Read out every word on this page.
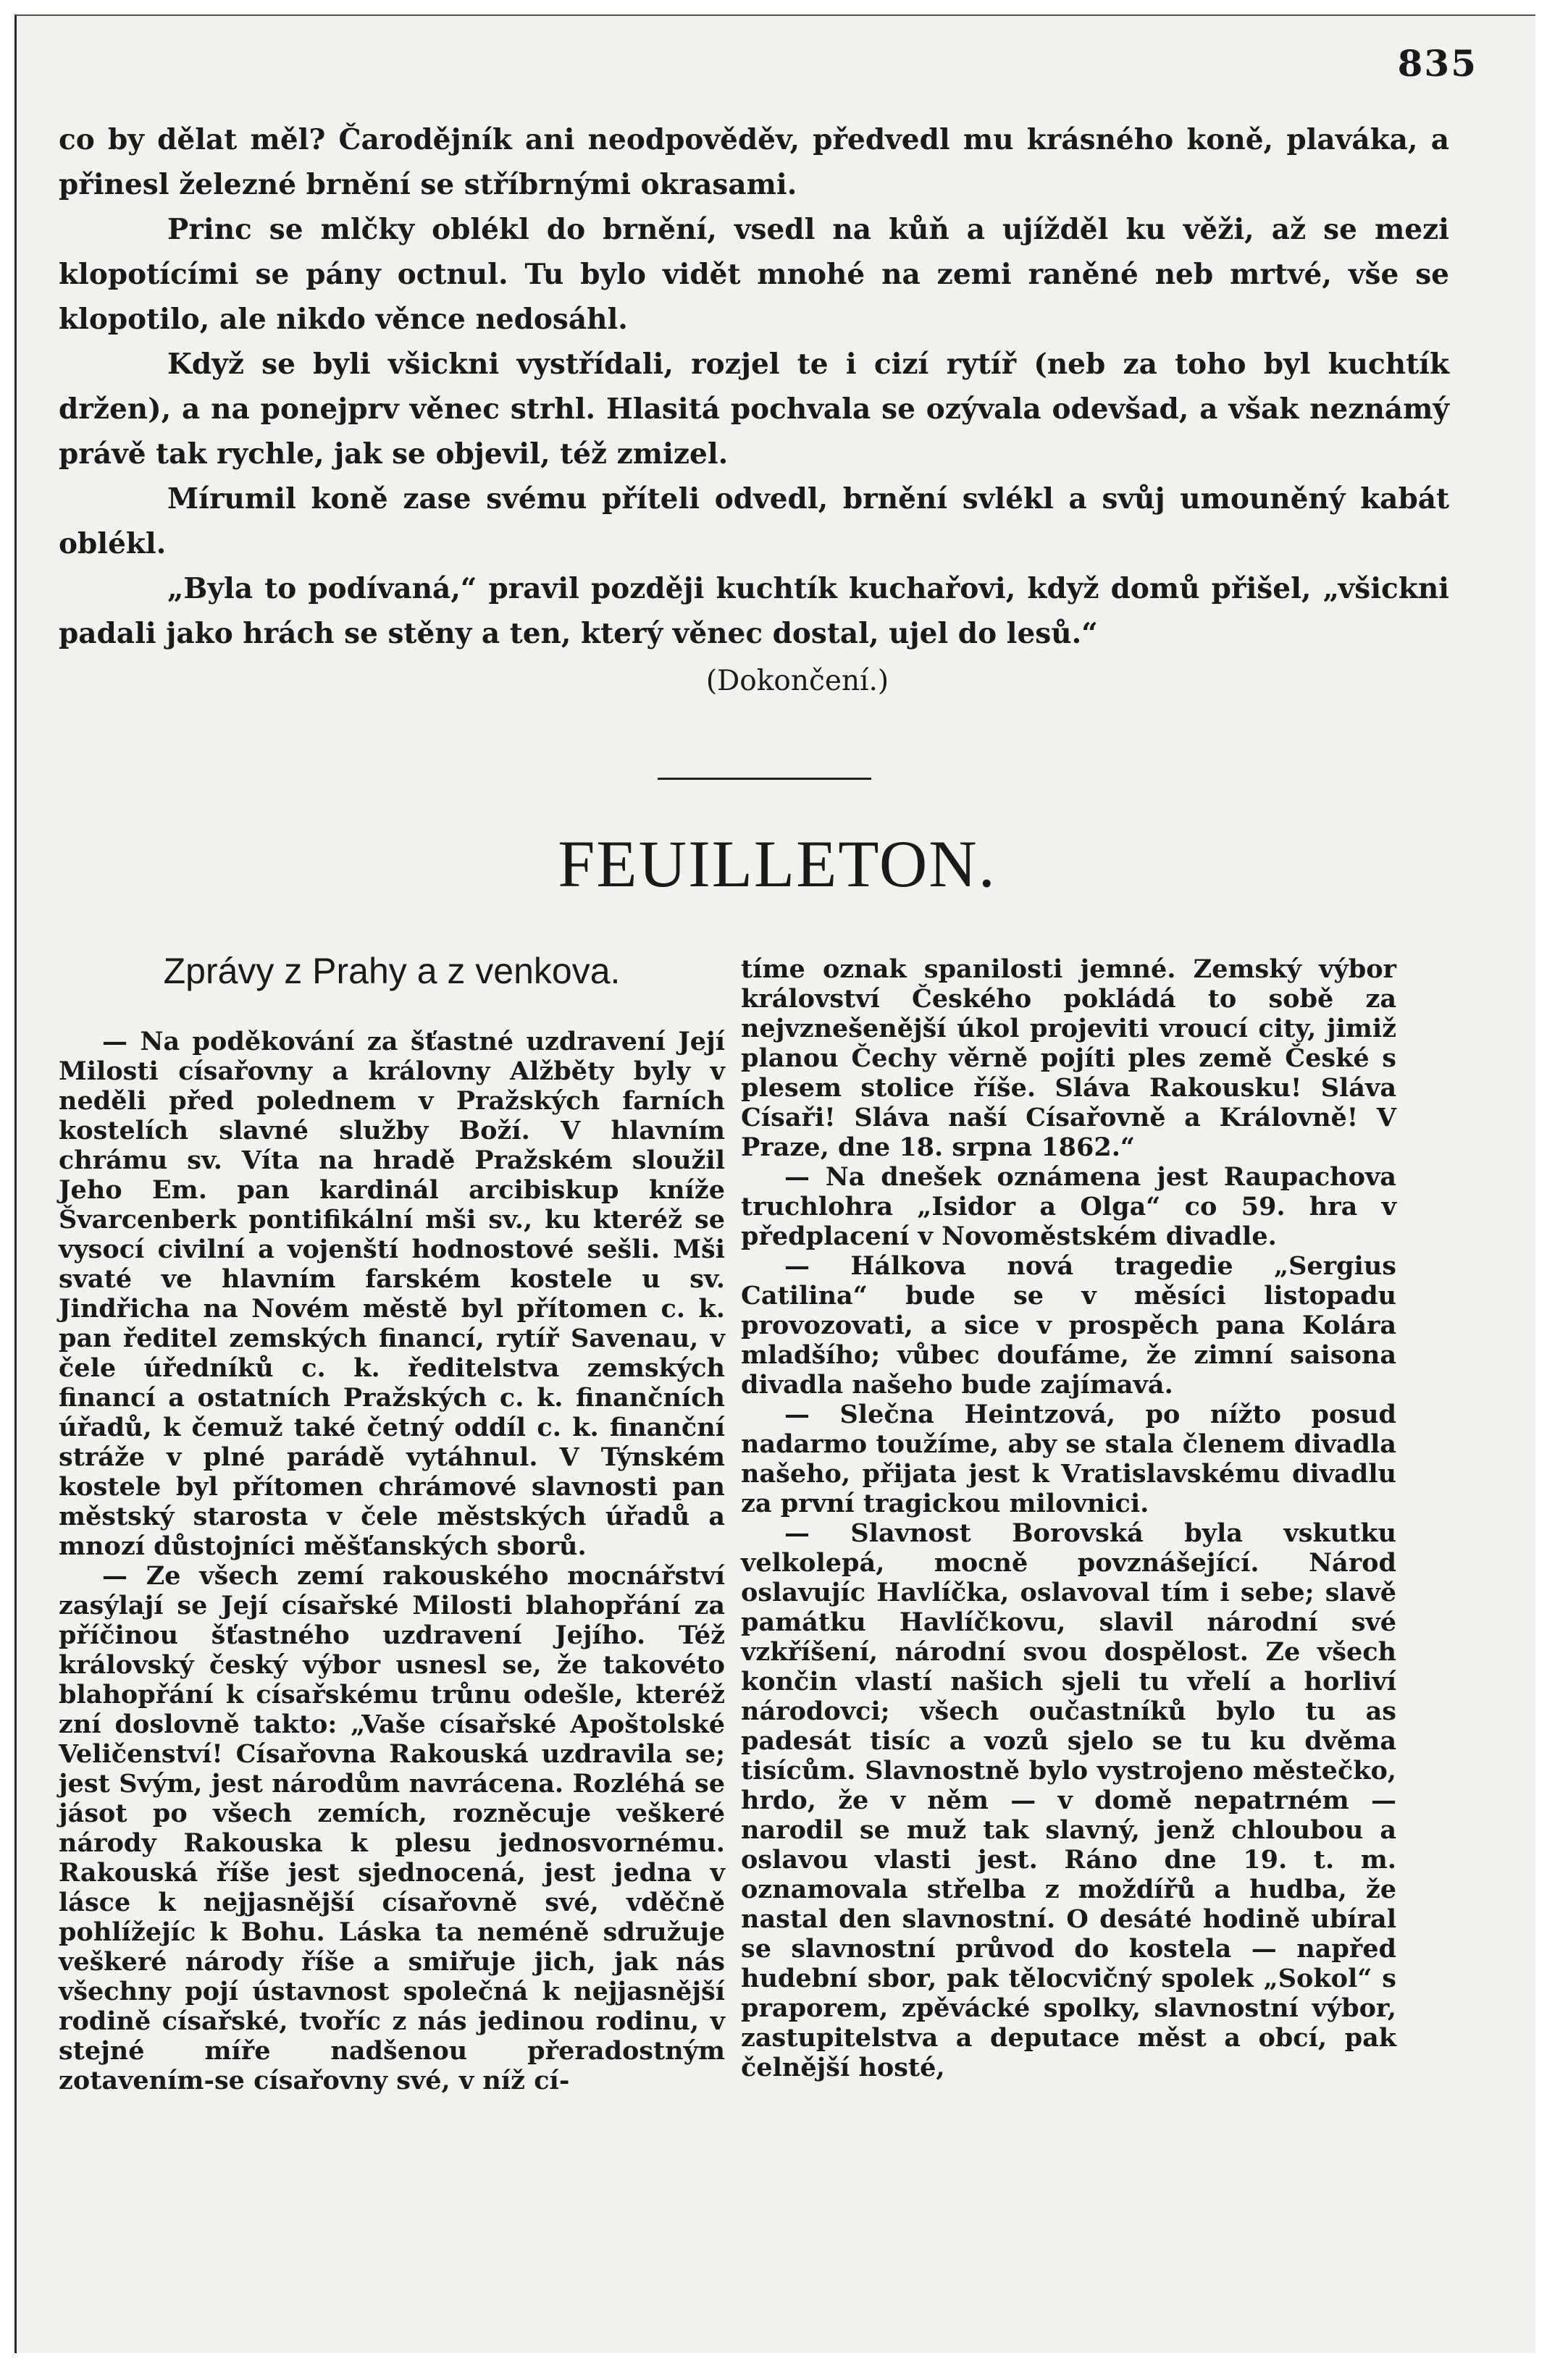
835

co by dělat měl? Čarodějník ani neodpověděv, předvedl mu krásného koně, plaváka, a přinesl železné brnění se stříbrnými okrasami.

Princ se mlčky oblékl do brnění, vsedl na kůň a ujížděl ku věži, až se mezi klopotícími se pány octnul. Tu bylo vidět mnohé na zemi raněné neb mrtvé, vše se klopotilo, ale nikdo věnce nedosáhl.

Když se byli všickni vystřídali, rozjel te i cizí rytíř (neb za toho byl kuchtík držen), a na ponejprv věnec strhl. Hlasitá pochvala se ozývala odevšad, a však neznámý právě tak rychle, jak se objevil, též zmizel.

Mírumil koně zase svému příteli odvedl, brnění svlékl a svůj umouněný kabát oblékl.

„Byla to podívaná,“ pravil později kuchtík kuchařovi, když domů přišel, „všickni padali jako hrách se stěny a ten, který věnec dostal, ujel do lesů.“

(Dokončení.)
FEUILLETON.
Zprávy z Prahy a z venkova.

— Na poděkování za šťastné uzdravení Její Milosti císařovny a královny Alžběty byly v neděli před polednem v Pražských farních kostelích slavné služby Boží. V hlavním chrámu sv. Víta na hradě Pražském sloužil Jeho Em. pan kardinál arcibiskup kníže Švarcenberk pontifikální mši sv., ku kteréž se vysocí civilní a vojenští hodnostové sešli. Mši svaté ve hlavním farském kostele u sv. Jindřicha na Novém městě byl přítomen c. k. pan ředitel zemských financí, rytíř Savenau, v čele úředníků c. k. ředitelstva zemských financí a ostatních Pražských c. k. finančních úřadů, k čemuž také četný oddíl c. k. finanční stráže v plné parádě vytáhnul. V Týnském kostele byl přítomen chrámové slavnosti pan městský starosta v čele městských úřadů a mnozí důstojníci měšťanských sborů.

— Ze všech zemí rakouského mocnářství zasýlají se Její císařské Milosti blahopřání za příčinou šťastného uzdravení Jejího. Též královský český výbor usnesl se, že takovéto blahopřání k císařskému trůnu odešle, kteréž zní doslovně takto: „Vaše císařské Apoštolské Veličenství! Císařovna Rakouská uzdravila se; jest Svým, jest národům navrácena. Rozléhá se jásot po všech zemích, rozněcuje veškeré národy Rakouska k plesu jednosvornému. Rakouská říše jest sjednocená, jest jedna v lásce k nejjasnější císařovně své, vděčně pohlížejíc k Bohu. Láska ta neméně sdružuje veškeré národy říše a smiřuje jich, jak nás všechny pojí ústavnost společná k nejjasnější rodině císařské, tvoříc z nás jedinou rodinu, v stejné míře nadšenou přeradostným zotavením-se císařovny své, v níž cí-

tíme oznak spanilosti jemné. Zemský výbor království Českého pokládá to sobě za nejvznešenější úkol projeviti vroucí city, jimiž planou Čechy věrně pojíti ples země České s plesem stolice říše. Sláva Rakousku! Sláva Císaři! Sláva naší Císařovně a Královně! V Praze, dne 18. srpna 1862.“

— Na dnešek oznámena jest Raupachova truchlohra „Isidor a Olga“ co 59. hra v předplacení v Novoměstském divadle.

— Hálkova nová tragedie „Sergius Catilina“ bude se v měsíci listopadu provozovati, a sice v prospěch pana Kolára mladšího; vůbec doufáme, že zimní saisona divadla našeho bude zajímavá.

— Slečna Heintzová, po nížto posud nadarmo toužíme, aby se stala členem divadla našeho, přijata jest k Vratislavskému divadlu za první tragickou milovnici.

— Slavnost Borovská byla vskutku velkolepá, mocně povznášející. Národ oslavujíc Havlíčka, oslavoval tím i sebe; slavě památku Havlíčkovu, slavil národní své vzkříšení, národní svou dospělost. Ze všech končin vlastí našich sjeli tu vřelí a horliví národovci; všech oučastníků bylo tu as padesát tisíc a vozů sjelo se tu ku dvěma tisícům. Slavnostně bylo vystrojeno městečko, hrdo, že v něm — v domě nepatrném — narodil se muž tak slavný, jenž chloubou a oslavou vlasti jest. Ráno dne 19. t. m. oznamovala střelba z moždířů a hudba, že nastal den slavnostní. O desáté hodině ubíral se slavnostní průvod do kostela — napřed hudební sbor, pak tělocvičný spolek „Sokol“ s praporem, zpěvácké spolky, slavnostní výbor, zastupitelstva a deputace měst a obcí, pak čelnější hosté,
